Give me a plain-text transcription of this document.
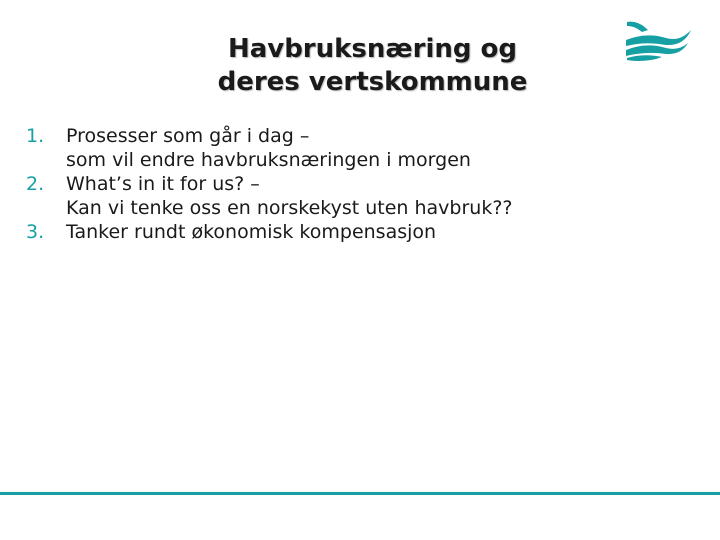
Havbruksnæring og
deres vertskommune
1.	Prosesser som går i dag –
som vil endre havbruksnæringen i morgen
2.	What’s in it for us? –
Kan vi tenke oss en norskekyst uten havbruk??
3.	Tanker rundt økonomisk kompensasjon
